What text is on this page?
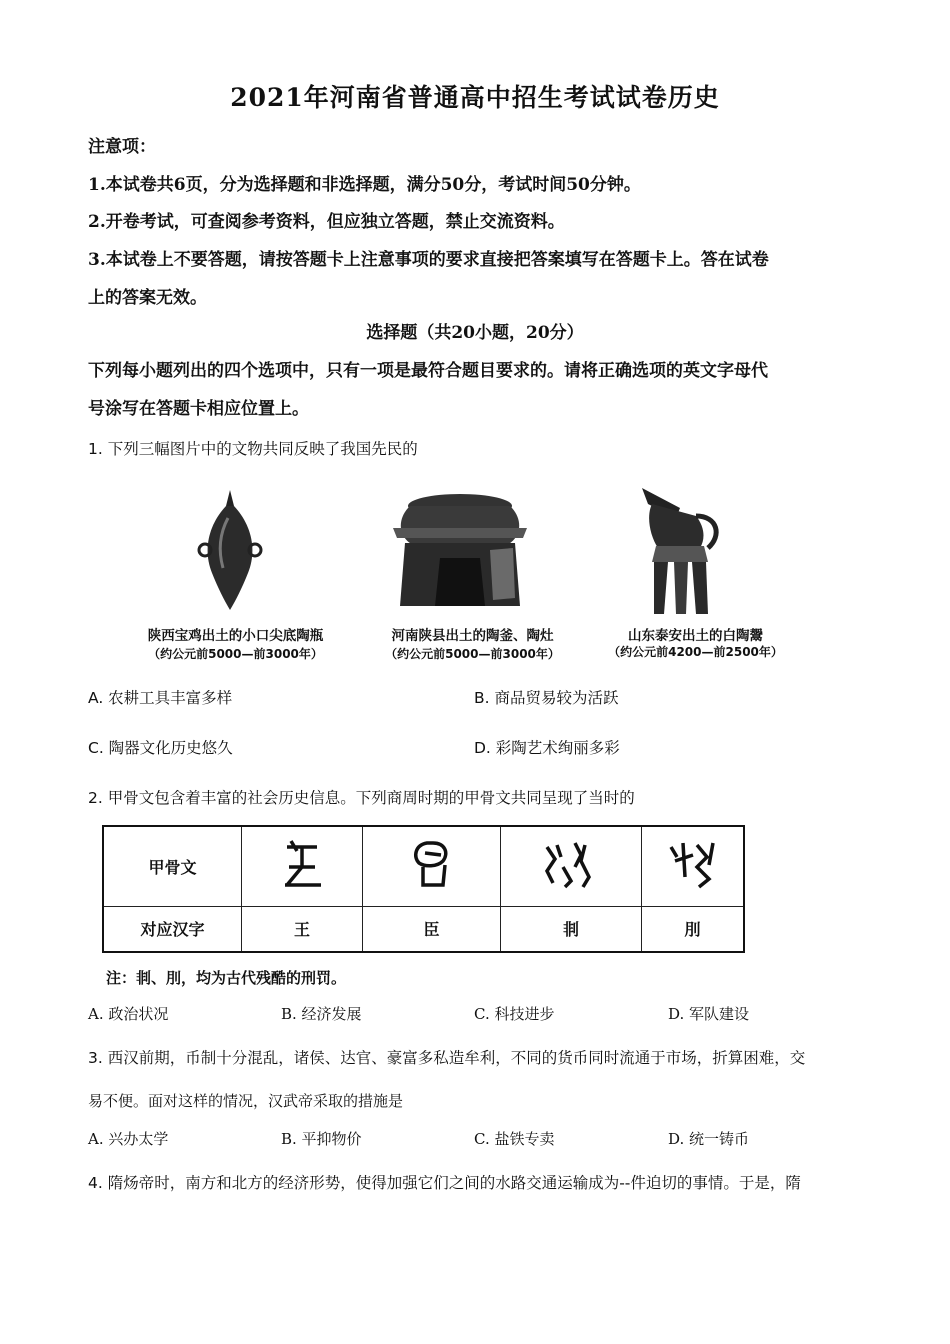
2021年河南省普通高中招生考试试卷历史
注意项：
1.本试卷共6页，分为选择题和非选择题，满分50分，考试时间50分钟。
2.开卷考试，可查阅参考资料，但应独立答题，禁止交流资料。
3.本试卷上不要答题，请按答题卡上注意事项的要求直接把答案填写在答题卡上。答在试卷
上的答案无效。
选择题（共20小题，20分）
下列每小题列出的四个选项中，只有一项是最符合题目要求的。请将正确选项的英文字母代
号涂写在答题卡相应位置上。
1. 下列三幅图片中的文物共同反映了我国先民的
陕西宝鸡出土的小口尖底陶瓶
（约公元前5000—前3000年）
河南陕县出土的陶釜、陶灶
（约公元前5000—前3000年）
山东泰安出土的白陶鬶
（约公元前4200—前2500年）
A. 农耕工具丰富多样	B. 商品贸易较为活跃
C. 陶器文化历史悠久	D. 彩陶艺术绚丽多彩
2. 甲骨文包含着丰富的社会历史信息。下列商周时期的甲骨文共同呈现了当时的
甲骨文				
对应汉字	王	臣	剕	刖
注：剕、刖，均为古代残酷的刑罚。
A. 政治状况	B. 经济发展	C. 科技进步	D. 军队建设
3. 西汉前期，币制十分混乱，诸侯、达官、豪富多私造牟利，不同的货币同时流通于市场，折算困难，交
易不便。面对这样的情况，汉武帝采取的措施是
A. 兴办太学	B. 平抑物价	C. 盐铁专卖	D. 统一铸币
4. 隋炀帝时，南方和北方的经济形势，使得加强它们之间的水路交通运输成为--件迫切的事情。于是，隋
